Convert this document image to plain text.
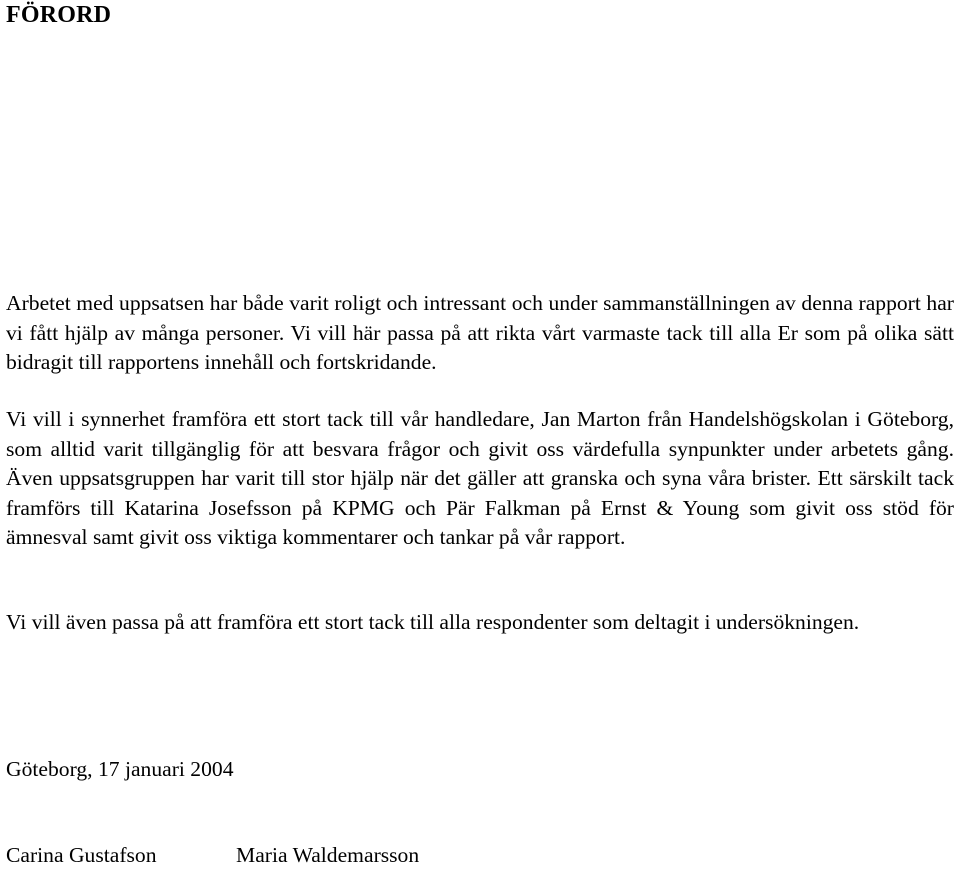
FÖRORD

Arbetet med uppsatsen har både varit roligt och intressant och under sammanställningen av denna rapport har vi fått hjälp av många personer. Vi vill här passa på att rikta vårt varmaste tack till alla Er som på olika sätt bidragit till rapportens innehåll och fortskridande.

Vi vill i synnerhet framföra ett stort tack till vår handledare, Jan Marton från Handelshögskolan i Göteborg, som alltid varit tillgänglig för att besvara frågor och givit oss värdefulla synpunkter under arbetets gång. Även uppsatsgruppen har varit till stor hjälp när det gäller att granska och syna våra brister. Ett särskilt tack framförs till Katarina Josefsson på KPMG och Pär Falkman på Ernst & Young som givit oss stöd för ämnesval samt givit oss viktiga kommentarer och tankar på vår rapport.

Vi vill även passa på att framföra ett stort tack till alla respondenter som deltagit i undersökningen.

Göteborg, 17 januari 2004

Carina Gustafson	Maria Waldemarsson
